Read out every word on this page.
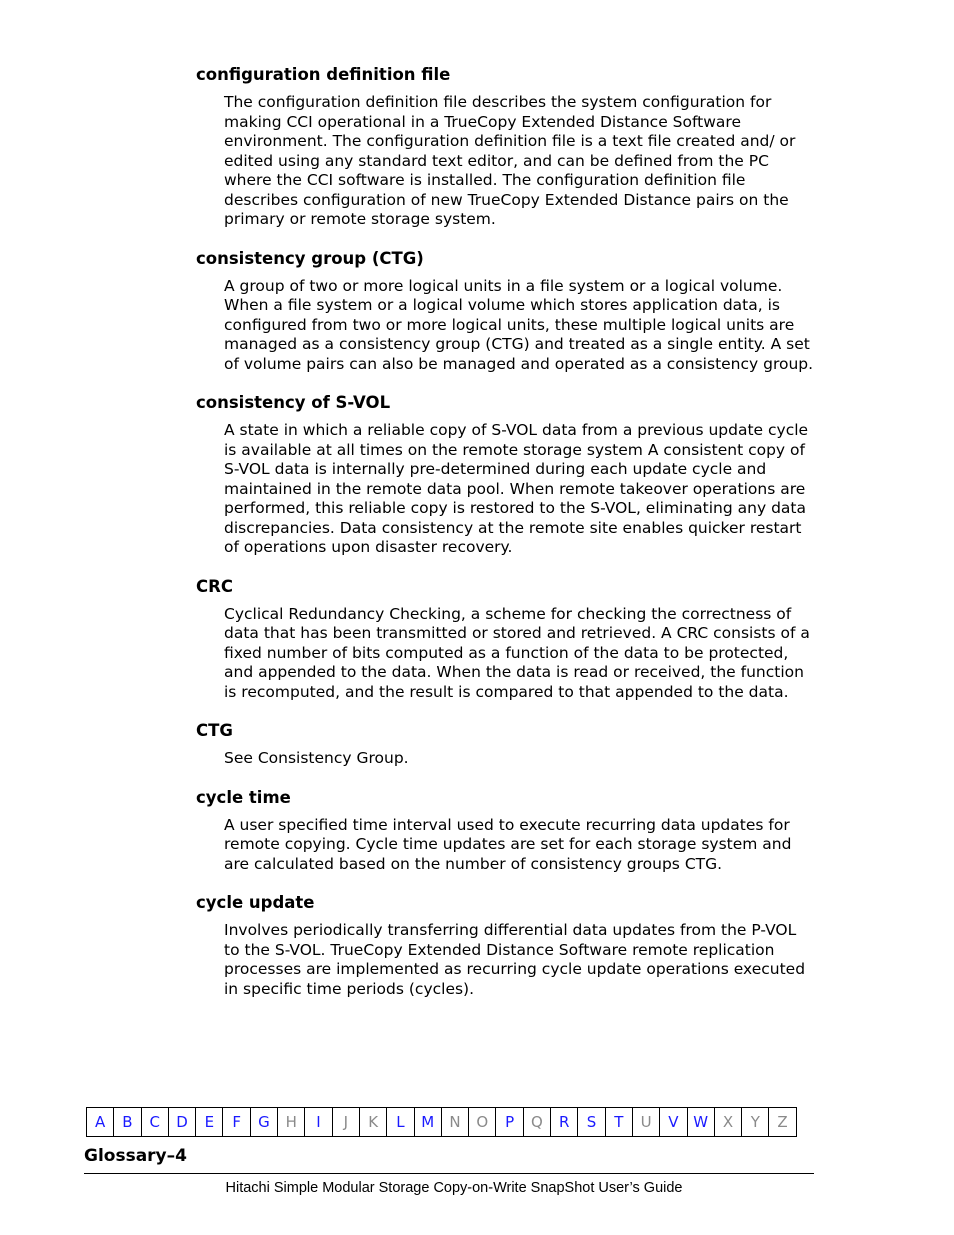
configuration definition file
The configuration definition file describes the system configuration for making CCI operational in a TrueCopy Extended Distance Software environment. The configuration definition file is a text file created and/ or edited using any standard text editor, and can be defined from the PC where the CCI software is installed. The configuration definition file describes configuration of new TrueCopy Extended Distance pairs on the primary or remote storage system.
consistency group (CTG)
A group of two or more logical units in a file system or a logical volume. When a file system or a logical volume which stores application data, is configured from two or more logical units, these multiple logical units are managed as a consistency group (CTG) and treated as a single entity. A set of volume pairs can also be managed and operated as a consistency group.
consistency of S-VOL
A state in which a reliable copy of S-VOL data from a previous update cycle is available at all times on the remote storage system A consistent copy of S-VOL data is internally pre-determined during each update cycle and maintained in the remote data pool. When remote takeover operations are performed, this reliable copy is restored to the S-VOL, eliminating any data discrepancies. Data consistency at the remote site enables quicker restart of operations upon disaster recovery.
CRC
Cyclical Redundancy Checking, a scheme for checking the correctness of data that has been transmitted or stored and retrieved. A CRC consists of a fixed number of bits computed as a function of the data to be protected, and appended to the data. When the data is read or received, the function is recomputed, and the result is compared to that appended to the data.
CTG
See Consistency Group.
cycle time
A user specified time interval used to execute recurring data updates for remote copying. Cycle time updates are set for each storage system and are calculated based on the number of consistency groups CTG.
cycle update
Involves periodically transferring differential data updates from the P-VOL to the S-VOL. TrueCopy Extended Distance Software remote replication processes are implemented as recurring cycle update operations executed in specific time periods (cycles).
A	B	C	D	E	F	G	H	I	J	K	L	M	N	O	P	Q	R	S	T	U	V W X	Y	Z
Glossary–4
Hitachi Simple Modular Storage Copy-on-Write SnapShot User’s Guide
